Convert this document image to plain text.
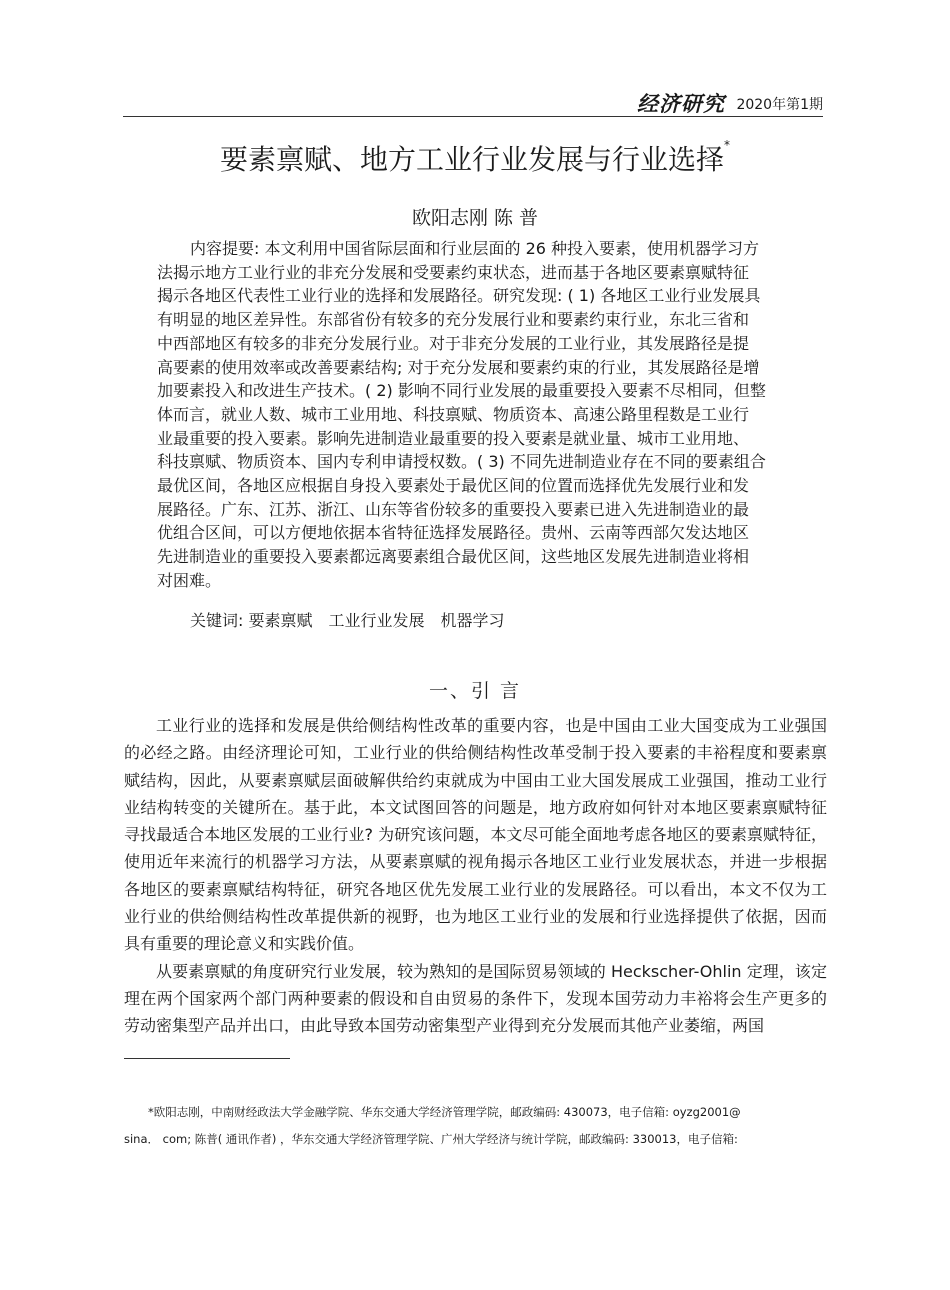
经济研究 2020年第1期
要素禀赋、地方工业行业发展与行业选择*
欧阳志刚 陈 普
内容提要: 本文利用中国省际层面和行业层面的 26 种投入要素，使用机器学习方
法揭示地方工业行业的非充分发展和受要素约束状态，进而基于各地区要素禀赋特征
揭示各地区代表性工业行业的选择和发展路径。研究发现: ( 1) 各地区工业行业发展具
有明显的地区差异性。东部省份有较多的充分发展行业和要素约束行业，东北三省和
中西部地区有较多的非充分发展行业。对于非充分发展的工业行业，其发展路径是提
高要素的使用效率或改善要素结构; 对于充分发展和要素约束的行业，其发展路径是增
加要素投入和改进生产技术。( 2) 影响不同行业发展的最重要投入要素不尽相同，但整
体而言，就业人数、城市工业用地、科技禀赋、物质资本、高速公路里程数是工业行
业最重要的投入要素。影响先进制造业最重要的投入要素是就业量、城市工业用地、
科技禀赋、物质资本、国内专利申请授权数。( 3) 不同先进制造业存在不同的要素组合
最优区间，各地区应根据自身投入要素处于最优区间的位置而选择优先发展行业和发
展路径。广东、江苏、浙江、山东等省份较多的重要投入要素已进入先进制造业的最
优组合区间，可以方便地依据本省特征选择发展路径。贵州、云南等西部欠发达地区
先进制造业的重要投入要素都远离要素组合最优区间，这些地区发展先进制造业将相
对困难。
关键词: 要素禀赋　工业行业发展　机器学习
一、引 言

工业行业的选择和发展是供给侧结构性改革的重要内容，也是中国由工业大国变成为工业强国的必经之路。由经济理论可知，工业行业的供给侧结构性改革受制于投入要素的丰裕程度和要素禀赋结构，因此，从要素禀赋层面破解供给约束就成为中国由工业大国发展成工业强国，推动工业行业结构转变的关键所在。基于此，本文试图回答的问题是，地方政府如何针对本地区要素禀赋特征寻找最适合本地区发展的工业行业? 为研究该问题，本文尽可能全面地考虑各地区的要素禀赋特征，使用近年来流行的机器学习方法，从要素禀赋的视角揭示各地区工业行业发展状态，并进一步根据各地区的要素禀赋结构特征，研究各地区优先发展工业行业的发展路径。可以看出，本文不仅为工业行业的供给侧结构性改革提供新的视野，也为地区工业行业的发展和行业选择提供了依据，因而具有重要的理论意义和实践价值。

从要素禀赋的角度研究行业发展，较为熟知的是国际贸易领域的 Heckscher-Ohlin 定理，该定理在两个国家两个部门两种要素的假设和自由贸易的条件下，发现本国劳动力丰裕将会生产更多的劳动密集型产品并出口，由此导致本国劳动密集型产业得到充分发展而其他产业萎缩，两国

*欧阳志刚，中南财经政法大学金融学院、华东交通大学经济管理学院，邮政编码: 430073，电子信箱: oyzg2001@
sina． com; 陈普( 通讯作者) ，华东交通大学经济管理学院、广州大学经济与统计学院，邮政编码: 330013，电子信箱:
